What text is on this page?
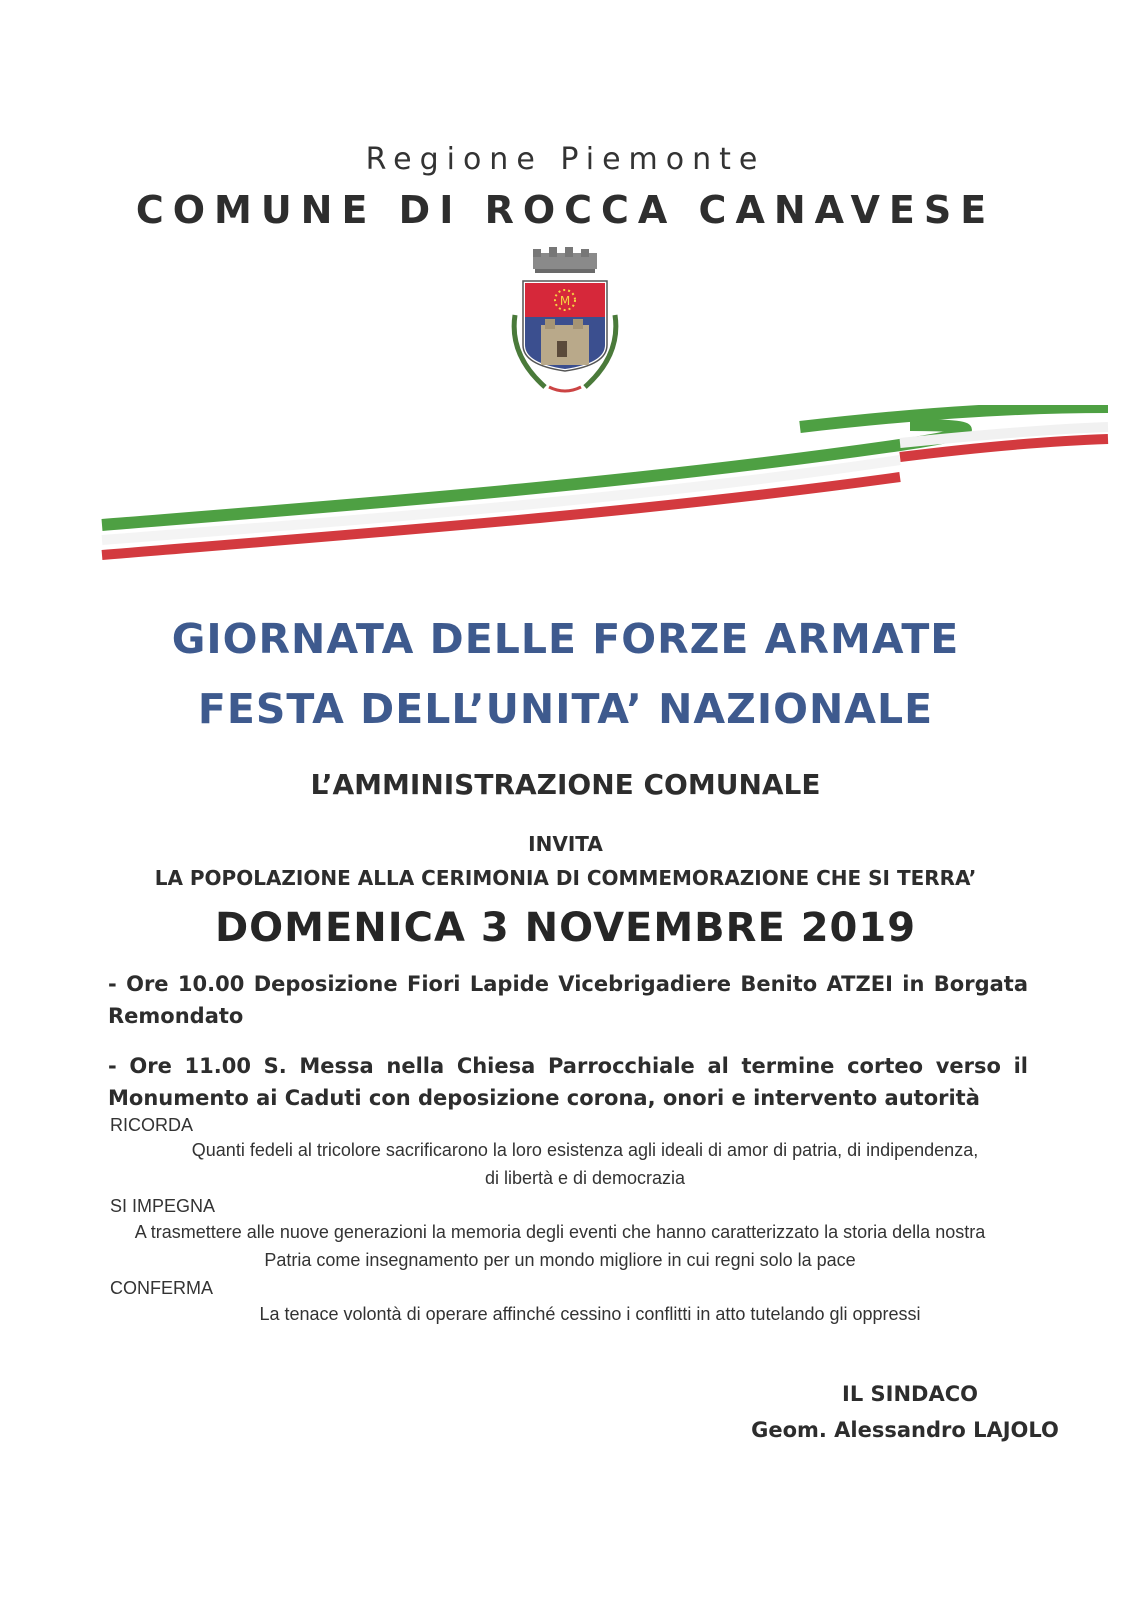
Regione Piemonte
COMUNE DI ROCCA CANAVESE
M
GIORNATA DELLE FORZE ARMATE
FESTA DELL’UNITA’ NAZIONALE
L’AMMINISTRAZIONE COMUNALE
INVITA
LA POPOLAZIONE ALLA CERIMONIA DI COMMEMORAZIONE CHE SI TERRA’
DOMENICA 3 NOVEMBRE 2019
- Ore 10.00 Deposizione Fiori Lapide Vicebrigadiere Benito ATZEI in Borgata Remondato
- Ore 11.00 S. Messa nella Chiesa Parrocchiale al termine corteo verso il Monumento ai Caduti con deposizione corona, onori e intervento autorità
RICORDA
Quanti fedeli al tricolore sacrificarono la loro esistenza agli ideali di amor di patria, di indipendenza, di libertà e di democrazia
SI IMPEGNA
A trasmettere alle nuove generazioni la memoria degli eventi che hanno caratterizzato la storia della nostra Patria come insegnamento per un mondo migliore in cui regni solo la pace
CONFERMA
La tenace volontà di operare affinché cessino i conflitti in atto tutelando gli oppressi
IL SINDACO
Geom. Alessandro LAJOLO
